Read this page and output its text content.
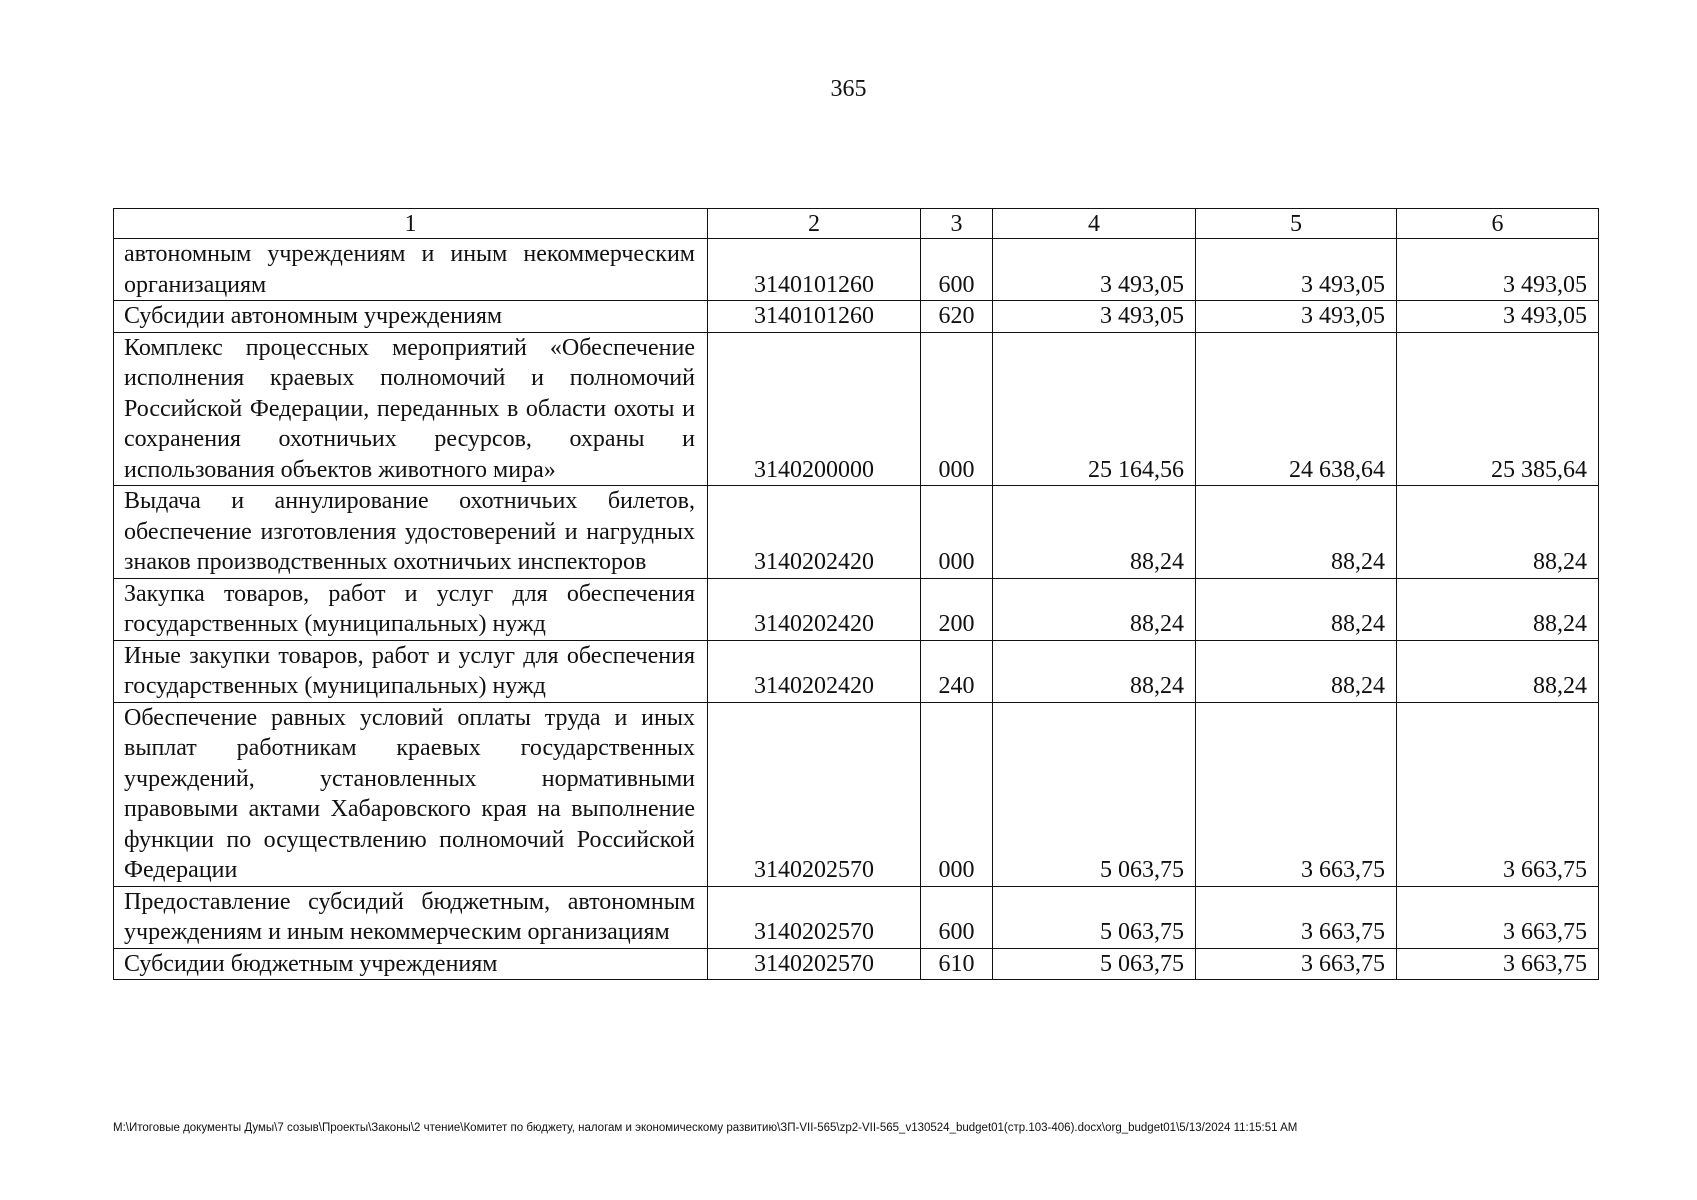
365
1	2	3	4	5	6
автономным учреждениям и иным некоммерческим организациям	3140101260	600	3 493,05	3 493,05	3 493,05
Субсидии автономным учреждениям	3140101260	620	3 493,05	3 493,05	3 493,05
Комплекс процессных мероприятий «Обеспечение исполнения краевых полномочий и полномочий Российской Федерации, переданных в области охоты и сохранения охотничьих ресурсов, охраны и использования объектов животного мира»	3140200000	000	25 164,56	24 638,64	25 385,64
Выдача и аннулирование охотничьих билетов, обеспечение изготовления удостоверений и нагрудных знаков производственных охотничьих инспекторов	3140202420	000	88,24	88,24	88,24
Закупка товаров, работ и услуг для обеспечения государственных (муниципальных) нужд	3140202420	200	88,24	88,24	88,24
Иные закупки товаров, работ и услуг для обеспечения государственных (муниципальных) нужд	3140202420	240	88,24	88,24	88,24
Обеспечение равных условий оплаты труда и иных выплат работникам краевых государственных учреждений, установленных нормативными правовыми актами Хабаровского края на выполнение функции по осуществлению полномочий Российской Федерации	3140202570	000	5 063,75	3 663,75	3 663,75
Предоставление субсидий бюджетным, автономным учреждениям и иным некоммерческим организациям	3140202570	600	5 063,75	3 663,75	3 663,75
Субсидии бюджетным учреждениям	3140202570	610	5 063,75	3 663,75	3 663,75
M:\Итоговые документы Думы\7 созыв\Проекты\Законы\2 чтение\Комитет по бюджету, налогам и экономическому развитию\ЗП-VII-565\zp2-VII-565_v130524_budget01(стр.103-406).docx\org_budget01\5/13/2024 11:15:51 AM
